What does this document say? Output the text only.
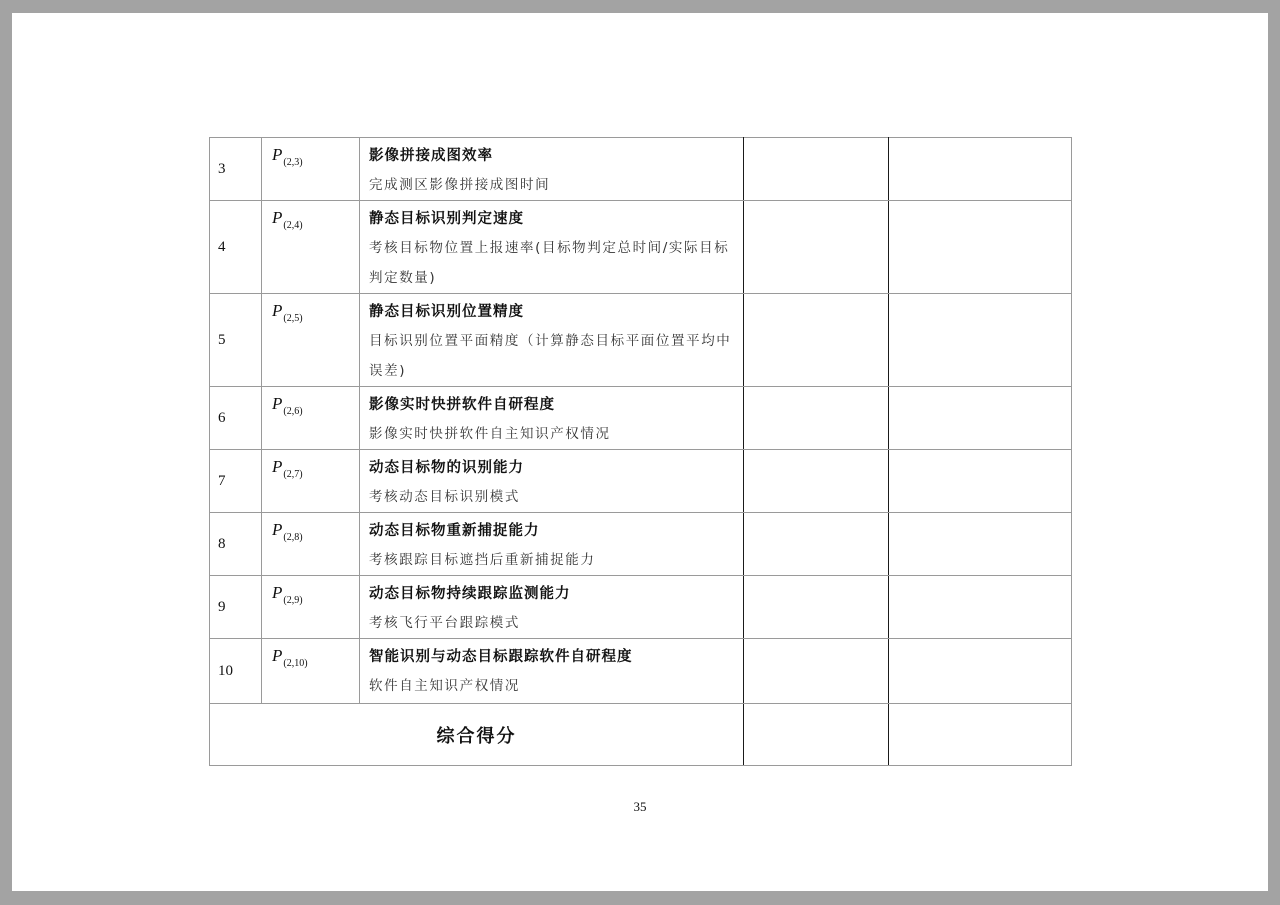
3	$P_{(2,3)}$	影像拼接成图效率
完成测区影像拼接成图时间		

4	$P_{(2,4)}$	静态目标识别判定速度
考核目标物位置上报速率(目标物判定总时间/实际目标判定数量)		

5	$P_{(2,5)}$	静态目标识别位置精度
目标识别位置平面精度（计算静态目标平面位置平均中误差)		

6	$P_{(2,6)}$	影像实时快拼软件自研程度
影像实时快拼软件自主知识产权情况		

7	$P_{(2,7)}$	动态目标物的识别能力
考核动态目标识别模式		

8	$P_{(2,8)}$	动态目标物重新捕捉能力
考核跟踪目标遮挡后重新捕捉能力		

9	$P_{(2,9)}$	动态目标物持续跟踪监测能力
考核飞行平台跟踪模式		

10	$P_{(2,10)}$	智能识别与动态目标跟踪软件自研程度
软件自主知识产权情况		

综合得分				
35
